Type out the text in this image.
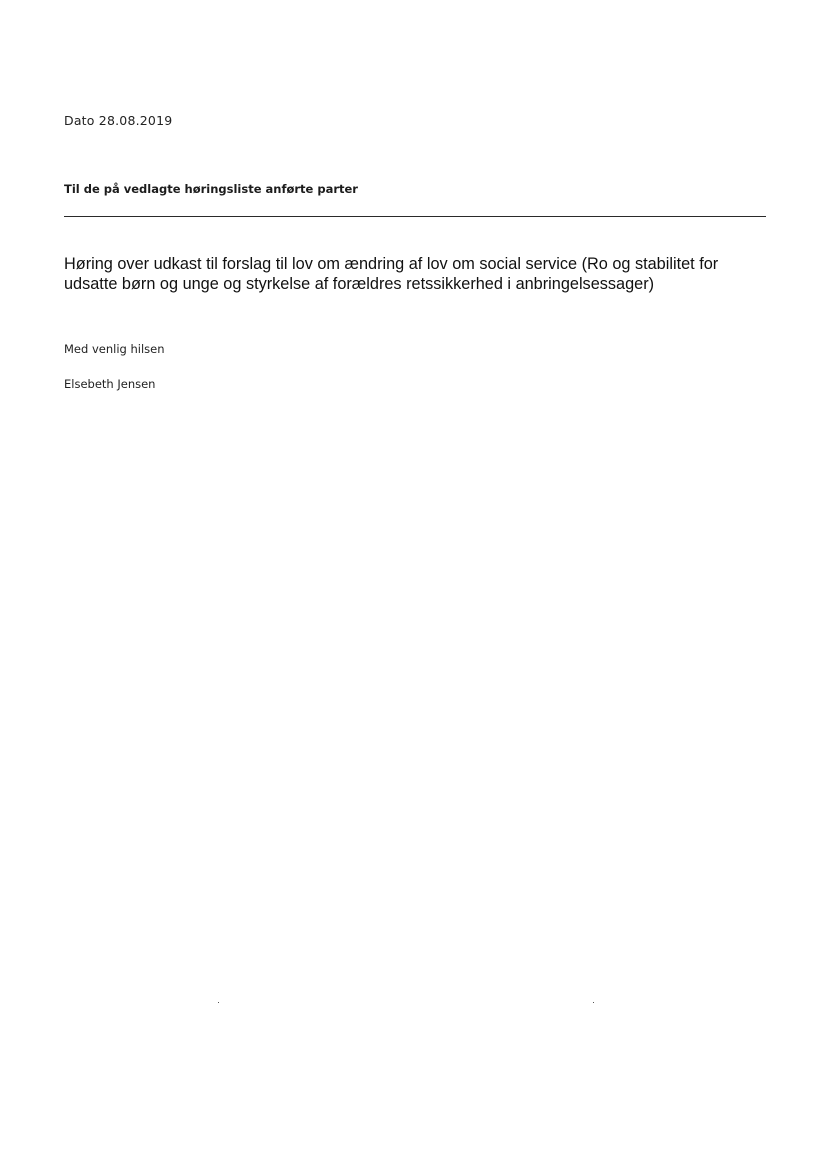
Dato 28.08.2019
Til de på vedlagte høringsliste anførte parter
Høring over udkast til forslag til lov om ændring af lov om social service (Ro og stabilitet for udsatte børn og unge og styrkelse af forældres retssikkerhed i anbringelsessager)
Med venlig hilsen
Elsebeth Jensen
